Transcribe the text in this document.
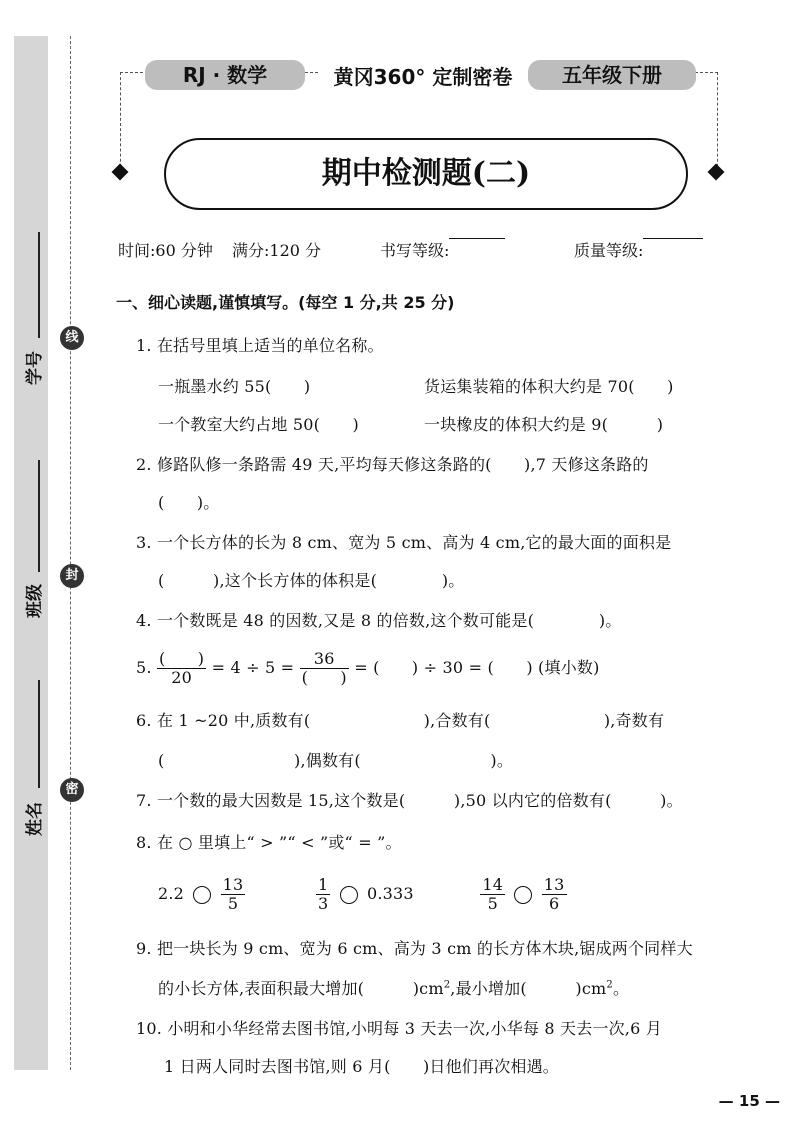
学号
班级
姓名
线
封
密
RJ · 数学	黄冈360° 定制密卷	五年级下册
期中检测题(二)
时间:60 分钟 满分:120 分	书写等级:	质量等级:
一、细心读题,谨慎填写。(每空 1 分,共 25 分)
1. 在括号里填上适当的单位名称。
一瓶墨水约 55(　　)	货运集装箱的体积大约是 70(　　)
一个教室大约占地 50(　　)	一块橡皮的体积大约是 9(　　　)
2. 修路队修一条路需 49 天,平均每天修这条路的(　　),7 天修这条路的
(　　)。
3. 一个长方体的长为 8 cm、宽为 5 cm、高为 4 cm,它的最大面的面积是
(　　　),这个长方体的体积是(　　　　)。
4. 一个数既是 48 的因数,又是 8 的倍数,这个数可能是(　　　　)。
5. $\frac{( )}{20} = 4 \div 5 = \frac{36}{( )}$ = (　　) ÷ 30 = (　　) (填小数)
6. 在 1 ~20 中,质数有(　　　　　　　),合数有(　　　　　　　),奇数有
(　　　　　　　　),偶数有(　　　　　　　　)。
7. 一个数的最大因数是 15,这个数是(　　　),50 以内它的倍数有(　　　)。
8. 在 ○ 里填上“ > ”“ < ”或“ = ”。
$2.2 \frac{13}{5}$
	$\frac{1}{3} 0.333$	$\frac{14}{5}$
$\frac{13}{6}$
9. 把一块长为 9 cm、宽为 6 cm、高为 3 cm 的长方体木块,锯成两个同样大
的小长方体,表面积最大增加(　　　)$cm^2$,最小增加(　　　)$cm^2$。
10. 小明和小华经常去图书馆,小明每 3 天去一次,小华每 8 天去一次,6 月
1 日两人同时去图书馆,则 6 月(　　)日他们再次相遇。
— 15 —
